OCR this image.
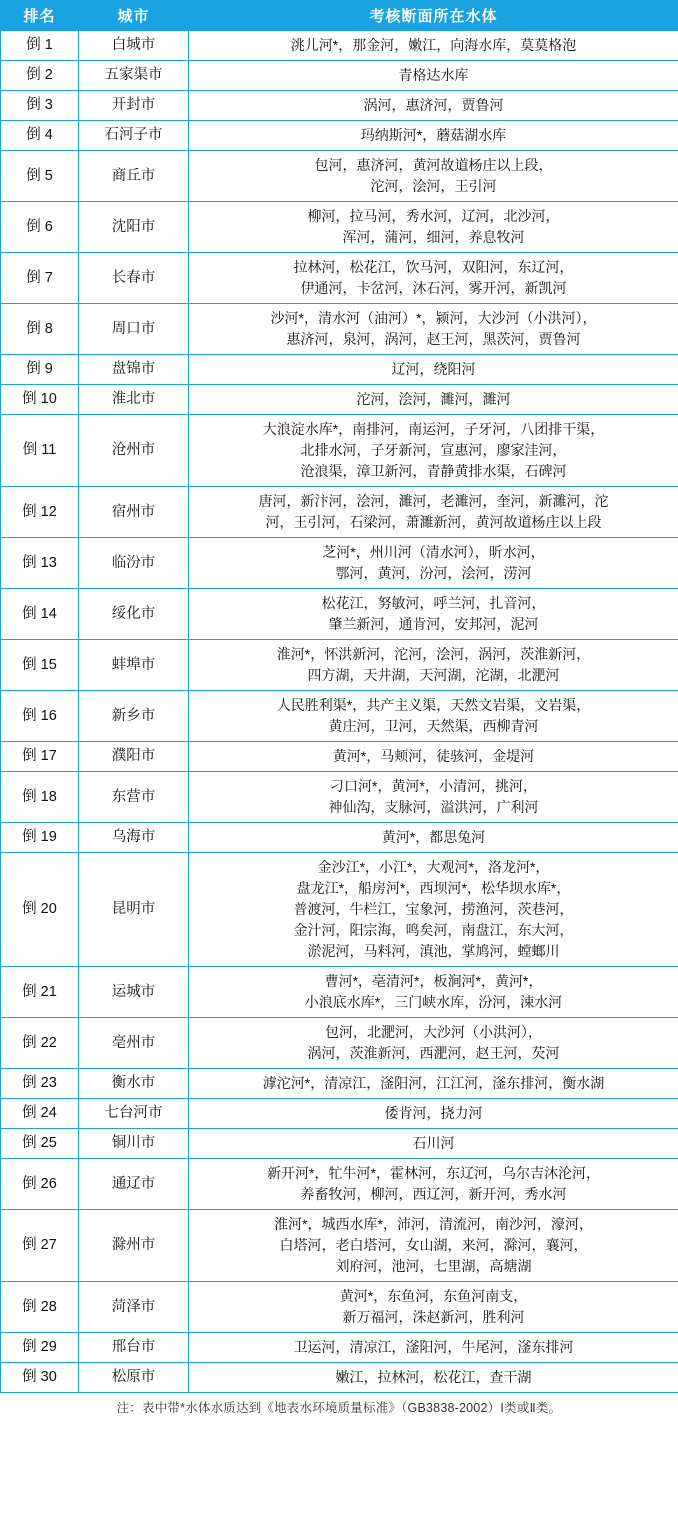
排名	城市	考核断面所在水体
倒 1	白城市	洮儿河*，那金河，嫩江，向海水库，莫莫格泡

倒 2	五家渠市	青格达水库

倒 3	开封市	涡河，惠济河，贾鲁河

倒 4	石河子市	玛纳斯河*，蘑菇湖水库

倒 5	商丘市	包河，惠济河，黄河故道杨庄以上段，
沱河，浍河，王引河

倒 6	沈阳市	柳河，拉马河，秀水河，辽河，北沙河，
浑河，蒲河，细河，养息牧河

倒 7	长春市	拉林河，松花江，饮马河，双阳河，东辽河，
伊通河，卡岔河，沐石河，雾开河，新凯河

倒 8	周口市	沙河*，清水河（油河）*，颍河，大沙河（小洪河），
惠济河，泉河，涡河，赵王河，黑茨河，贾鲁河

倒 9	盘锦市	辽河，绕阳河

倒 10	淮北市	沱河，浍河，濉河，濉河

倒 11	沧州市	大浪淀水库*，南排河，南运河，子牙河，八团排干渠，
北排水河，子牙新河，宣惠河，廖家洼河，
沧浪渠，漳卫新河，青静黄排水渠，石碑河

倒 12	宿州市	唐河，新汴河，浍河，濉河，老濉河，奎河，新濉河，沱
河，王引河，石梁河，萧濉新河，黄河故道杨庄以上段

倒 13	临汾市	芝河*，州川河（清水河），昕水河，
鄂河，黄河，汾河，浍河，涝河

倒 14	绥化市	松花江，努敏河，呼兰河，扎音河，
肇兰新河，通肯河，安邦河，泥河

倒 15	蚌埠市	淮河*，怀洪新河，沱河，浍河，涡河，茨淮新河，
四方湖，天井湖，天河湖，沱湖，北淝河

倒 16	新乡市	人民胜利渠*，共产主义渠，天然文岩渠，文岩渠，
黄庄河，卫河，天然渠，西柳青河

倒 17	濮阳市	黄河*，马颊河，徒骇河，金堤河

倒 18	东营市	刁口河*，黄河*，小清河，挑河，
神仙沟，支脉河，溢洪河，广利河

倒 19	乌海市	黄河*，都思兔河

倒 20	昆明市	金沙江*，小江*，大观河*，洛龙河*，
盘龙江*，船房河*，西坝河*，松华坝水库*，
普渡河，牛栏江，宝象河，捞渔河，茨巷河，
金汁河，阳宗海，鸣矣河，南盘江，东大河，
淤泥河，马料河，滇池，掌鸠河，螳螂川

倒 21	运城市	曹河*，亳清河*，板涧河*，黄河*，
小浪底水库*，三门峡水库，汾河，涑水河

倒 22	亳州市	包河，北淝河，大沙河（小洪河），
涡河，茨淮新河，西淝河，赵王河，芡河

倒 23	衡水市	滹沱河*，清凉江，滏阳河，江江河，滏东排河，衡水湖

倒 24	七台河市	倭肯河，挠力河

倒 25	铜川市	石川河

倒 26	通辽市	新开河*，牤牛河*，霍林河，东辽河，乌尔吉沐沦河，
养畜牧河，柳河，西辽河，新开河，秀水河

倒 27	滁州市	淮河*，城西水库*，沛河，清流河，南沙河，濠河，
白塔河，老白塔河，女山湖，来河，滁河，襄河，
刘府河，池河，七里湖，高塘湖

倒 28	菏泽市	黄河*，东鱼河，东鱼河南支，
新万福河，洙赵新河，胜利河

倒 29	邢台市	卫运河，清凉江，滏阳河，牛尾河，滏东排河

倒 30	松原市	嫩江，拉林河，松花江，查干湖
注：表中带*水体水质达到《地表水环境质量标准》（GB3838-2002）Ⅰ类或Ⅱ类。
